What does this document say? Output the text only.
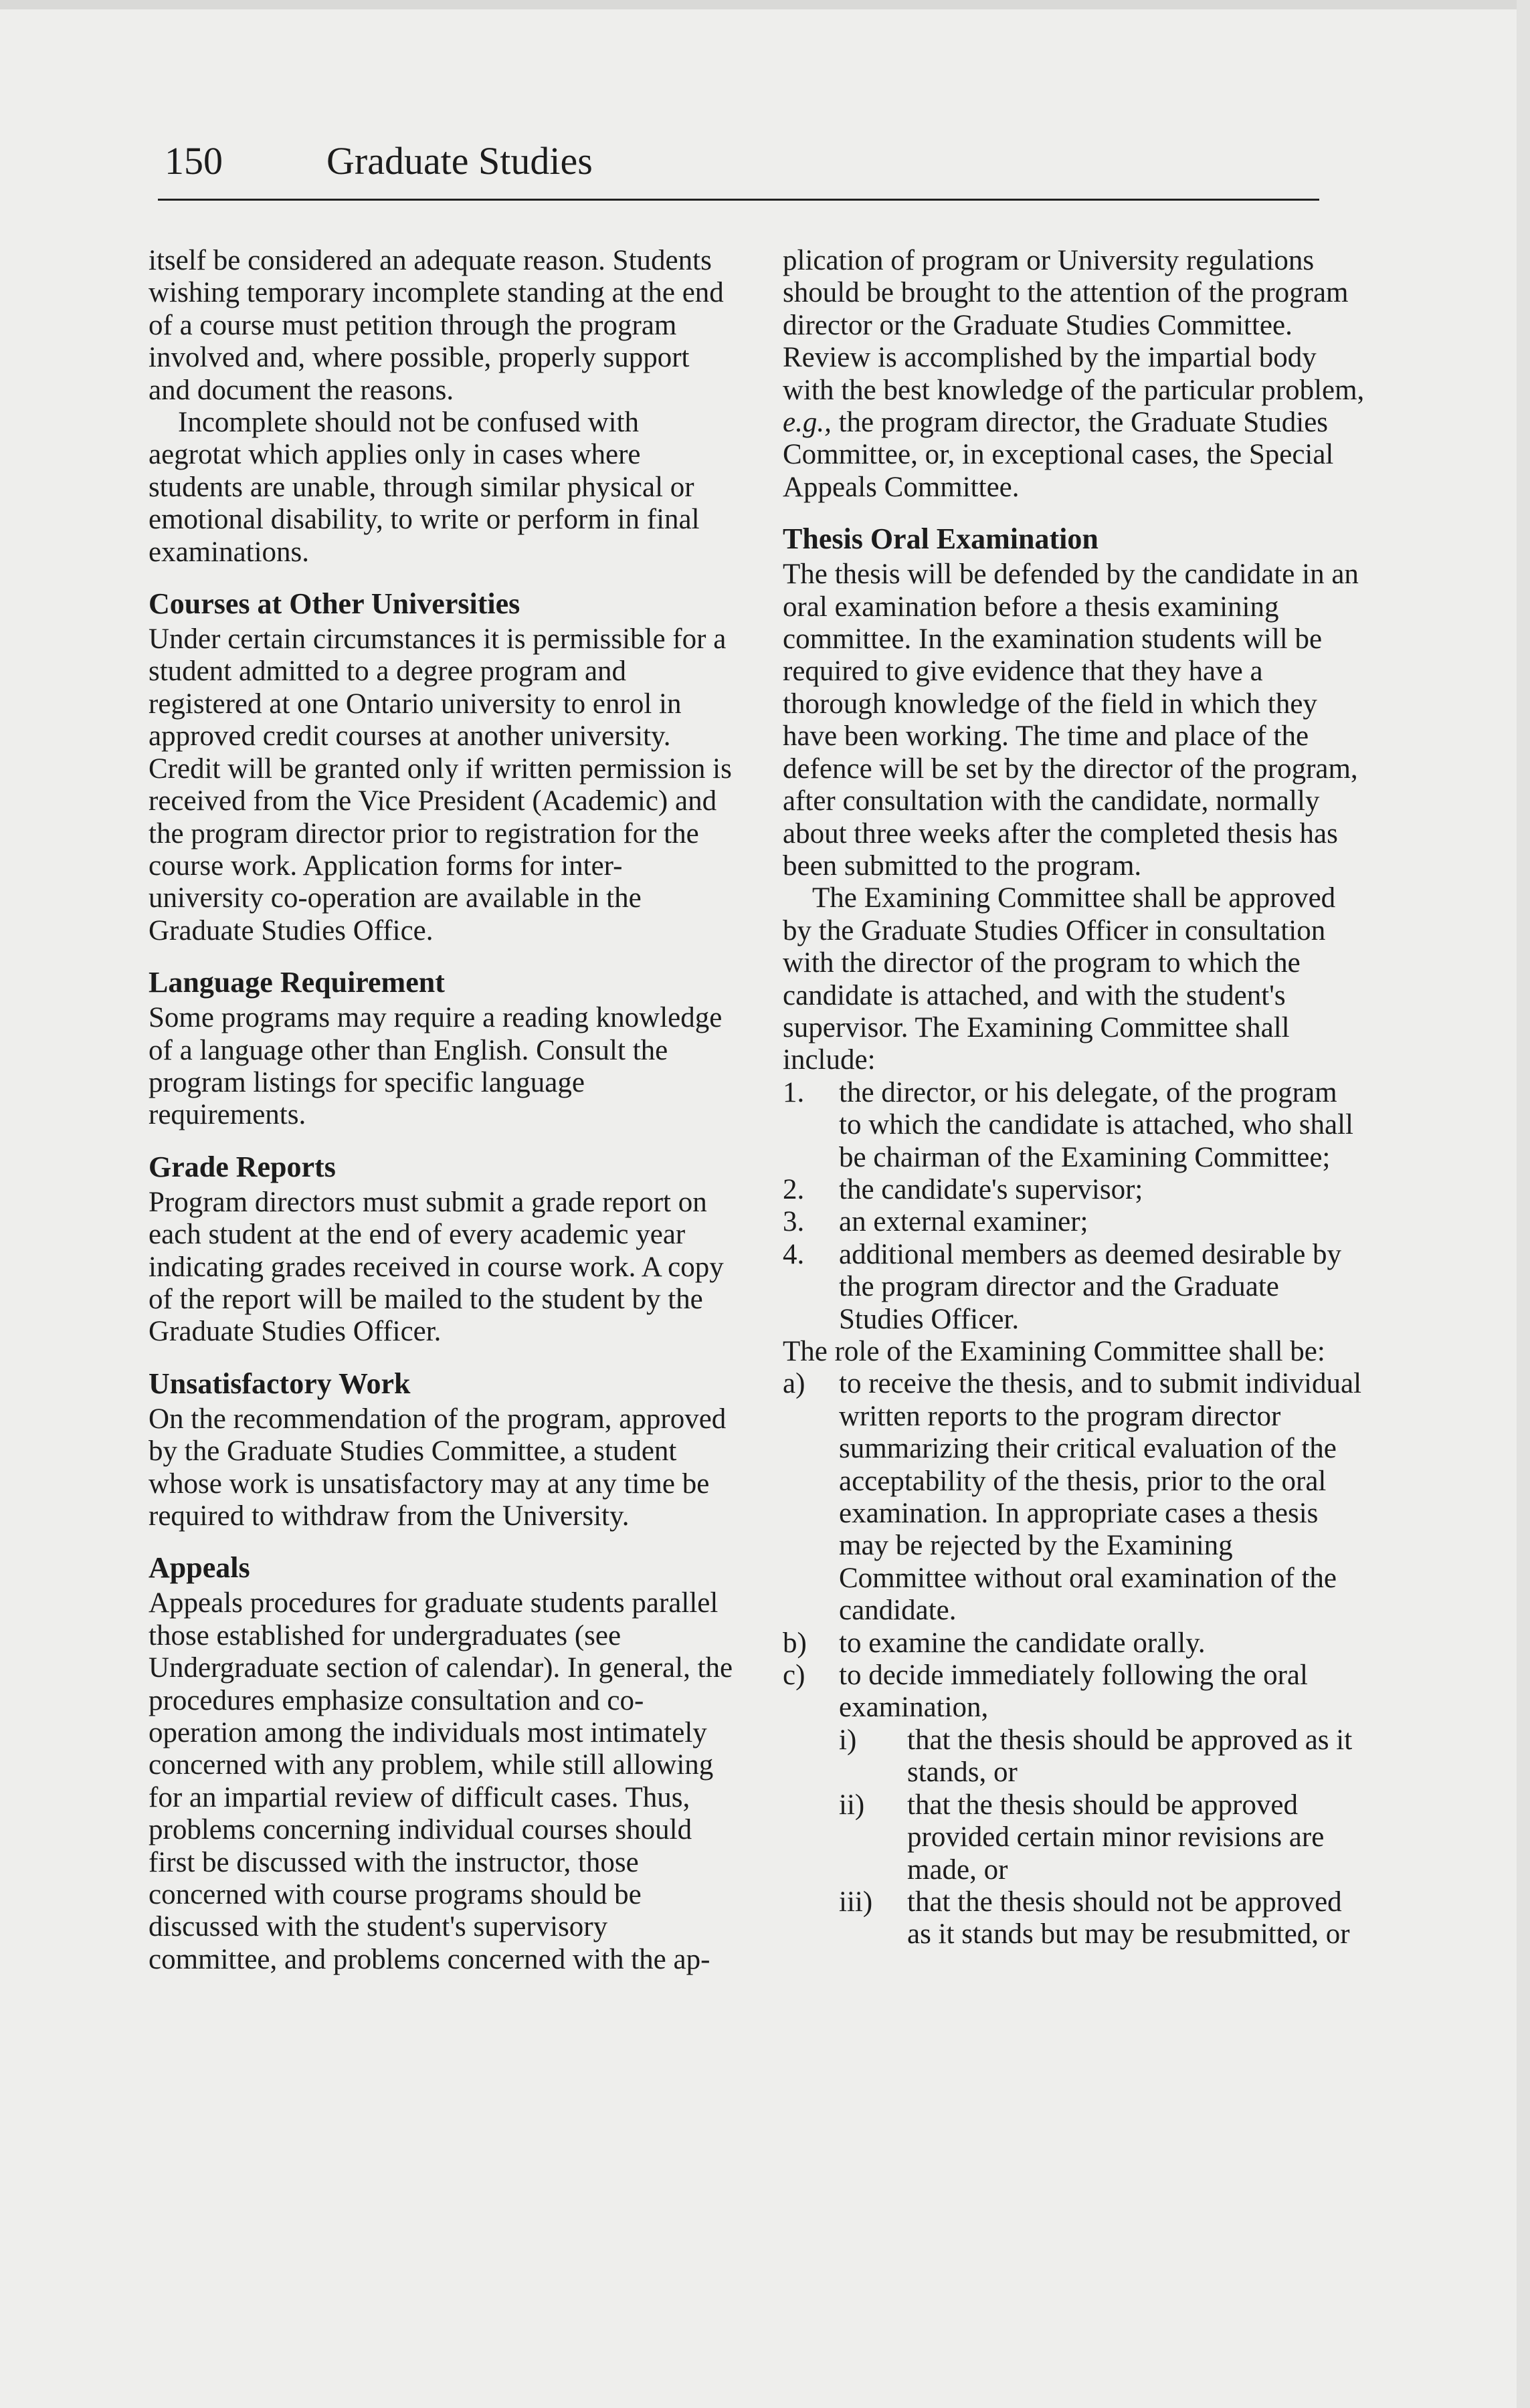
150	Graduate Studies

itself be considered an adequate reason. Students wishing temporary incomplete standing at the end of a course must petition through the program involved and, where possible, properly support and document the reasons.

Incomplete should not be confused with aegrotat which applies only in cases where students are unable, through similar physical or emotional disability, to write or perform in final examinations.

Courses at Other Universities

Under certain circumstances it is permissible for a student admitted to a degree program and registered at one Ontario university to enrol in approved credit courses at another university. Credit will be granted only if written permission is received from the Vice President (Academic) and the program director prior to registration for the course work. Application forms for inter-university co-operation are available in the Graduate Studies Office.

Language Requirement

Some programs may require a reading knowledge of a language other than English. Consult the program listings for specific language requirements.

Grade Reports

Program directors must submit a grade report on each student at the end of every academic year indicating grades received in course work. A copy of the report will be mailed to the student by the Graduate Studies Officer.

Unsatisfactory Work

On the recommendation of the program, approved by the Graduate Studies Committee, a student whose work is unsatisfactory may at any time be required to withdraw from the University.

Appeals

Appeals procedures for graduate students parallel those established for undergraduates (see Undergraduate section of calendar). In general, the procedures emphasize consultation and co-operation among the individuals most intimately concerned with any problem, while still allowing for an impartial review of difficult cases. Thus, problems concerning individual courses should first be discussed with the instructor, those concerned with course programs should be discussed with the student's supervisory committee, and problems concerned with the ap-

plication of program or University regulations should be brought to the attention of the program director or the Graduate Studies Committee. Review is accomplished by the impartial body with the best knowledge of the particular problem, e.g., the program director, the Graduate Studies Committee, or, in exceptional cases, the Special Appeals Committee.

Thesis Oral Examination

The thesis will be defended by the candidate in an oral examination before a thesis examining committee. In the examination students will be required to give evidence that they have a thorough knowledge of the field in which they have been working. The time and place of the defence will be set by the director of the program, after consultation with the candidate, normally about three weeks after the completed thesis has been submitted to the program.

The Examining Committee shall be approved by the Graduate Studies Officer in consultation with the director of the program to which the candidate is attached, and with the student's supervisor. The Examining Committee shall include:

1.	the director, or his delegate, of the program to which the candidate is attached, who shall be chairman of the Examining Committee;
2.	the candidate's supervisor;
3.	an external examiner;
4.	additional members as deemed desirable by the program director and the Graduate Studies Officer.

The role of the Examining Committee shall be:

a)	to receive the thesis, and to submit individual written reports to the program director summarizing their critical evaluation of the acceptability of the thesis, prior to the oral examination. In appropriate cases a thesis may be rejected by the Examining Committee without oral examination of the candidate.
b)	to examine the candidate orally.
c)	to decide immediately following the oral examination,
i)	that the thesis should be approved as it stands, or
ii)	that the thesis should be approved provided certain minor revisions are made, or
iii)	that the thesis should not be approved as it stands but may be resubmitted, or
